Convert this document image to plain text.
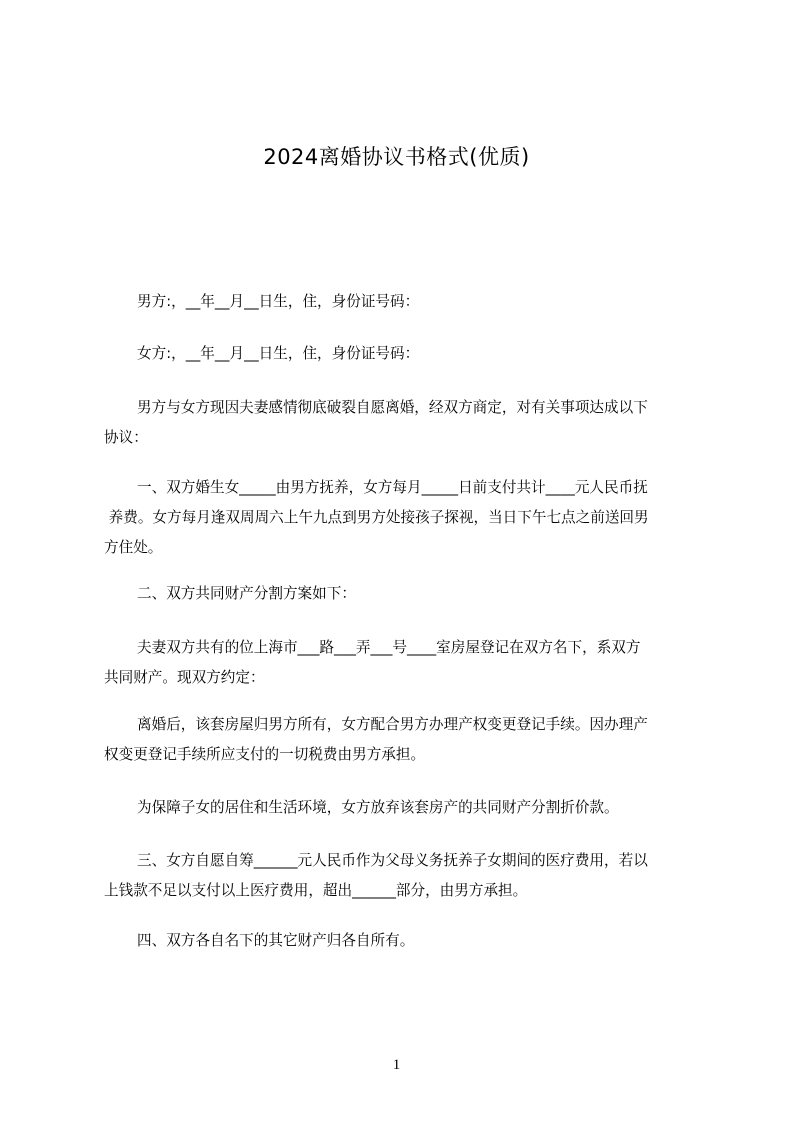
2024离婚协议书格式(优质)
男方:，__年__月__日生，住，身份证号码：
女方:，__年__月__日生，住，身份证号码：
男方与女方现因夫妻感情彻底破裂自愿离婚，经双方商定，对有关事项达成以下
协议：
一、双方婚生女_____由男方抚养，女方每月_____日前支付共计____元人民币抚
养费。女方每月逢双周周六上午九点到男方处接孩子探视，当日下午七点之前送回男
方住处。
二、双方共同财产分割方案如下：
夫妻双方共有的位上海市___路___弄___号____室房屋登记在双方名下，系双方
共同财产。现双方约定：
离婚后，该套房屋归男方所有，女方配合男方办理产权变更登记手续。因办理产
权变更登记手续所应支付的一切税费由男方承担。
为保障子女的居住和生活环境，女方放弃该套房产的共同财产分割折价款。
三、女方自愿自筹______元人民币作为父母义务抚养子女期间的医疗费用，若以
上钱款不足以支付以上医疗费用，超出______部分，由男方承担。
四、双方各自名下的其它财产归各自所有。
1
